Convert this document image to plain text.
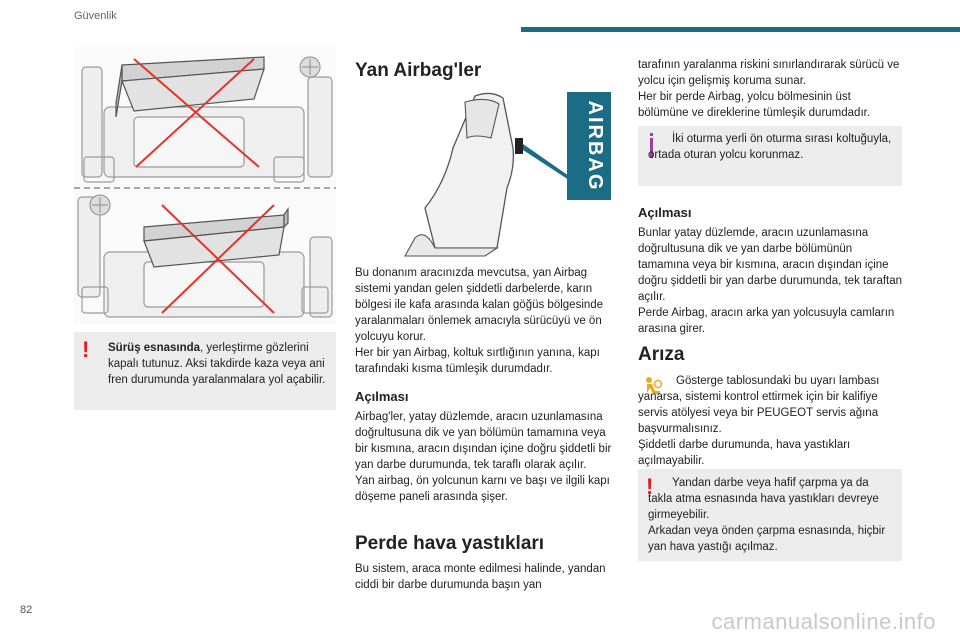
Güvenlik
!	Sürüş esnasında, yerleştirme gözlerini kapalı tutunuz. Aksi takdirde kaza veya ani fren durumunda yaralanmalara yol açabilir.

Yan Airbag'ler
AIRBAG

Bu donanım aracınızda mevcutsa, yan Airbag sistemi yandan gelen şiddetli darbelerde, karın bölgesi ile kafa arasında kalan göğüs bölgesinde yaralanmaları önlemek amacıyla sürücüyü ve ön yolcuyu korur.

Her bir yan Airbag, koltuk sırtlığının yanına, kapı tarafındaki kısma tümleşik durumdadır.

Açılması

Airbag'ler, yatay düzlemde, aracın uzunlamasına doğrultusuna dik ve yan bölümün tamamına veya bir kısmına, aracın dışından içine doğru şiddetli bir yan darbe durumunda, tek taraflı olarak açılır.

Yan airbag, ön yolcunun karnı ve başı ve ilgili kapı döşeme paneli arasında şişer.

Perde hava yastıkları

Bu sistem, araca monte edilmesi halinde, yandan ciddi bir darbe durumunda başın yan

tarafının yaralanma riskini sınırlandırarak sürücü ve yolcu için gelişmiş koruma sunar.

Her bir perde Airbag, yolcu bölmesinin üst bölümüne ve direklerine tümleşik durumdadır.

İki oturma yerli ön oturma sırası koltuğuyla, ortada oturan yolcu korunmaz.
Açılması

Bunlar yatay düzlemde, aracın uzunlamasına doğrultusuna dik ve yan darbe bölümünün tamamına veya bir kısmına, aracın dışından içine doğru şiddetli bir yan darbe durumunda, tek taraftan açılır.

Perde Airbag, aracın arka yan yolcusuyla camların arasına girer.

Arıza
Gösterge tablosundaki bu uyarı lambası yanarsa, sistemi kontrol ettirmek için bir kalifiye servis atölyesi veya bir PEUGEOT servis ağına başvurmalısınız.
Şiddetli darbe durumunda, hava yastıkları açılmayabilir.
!	Yandan darbe veya hafif çarpma ya da takla atma esnasında hava yastıkları devreye girmeyebilir.

Arkadan veya önden çarpma esnasında, hiçbir yan hava yastığı açılmaz.

82	carmanualsonline.info
